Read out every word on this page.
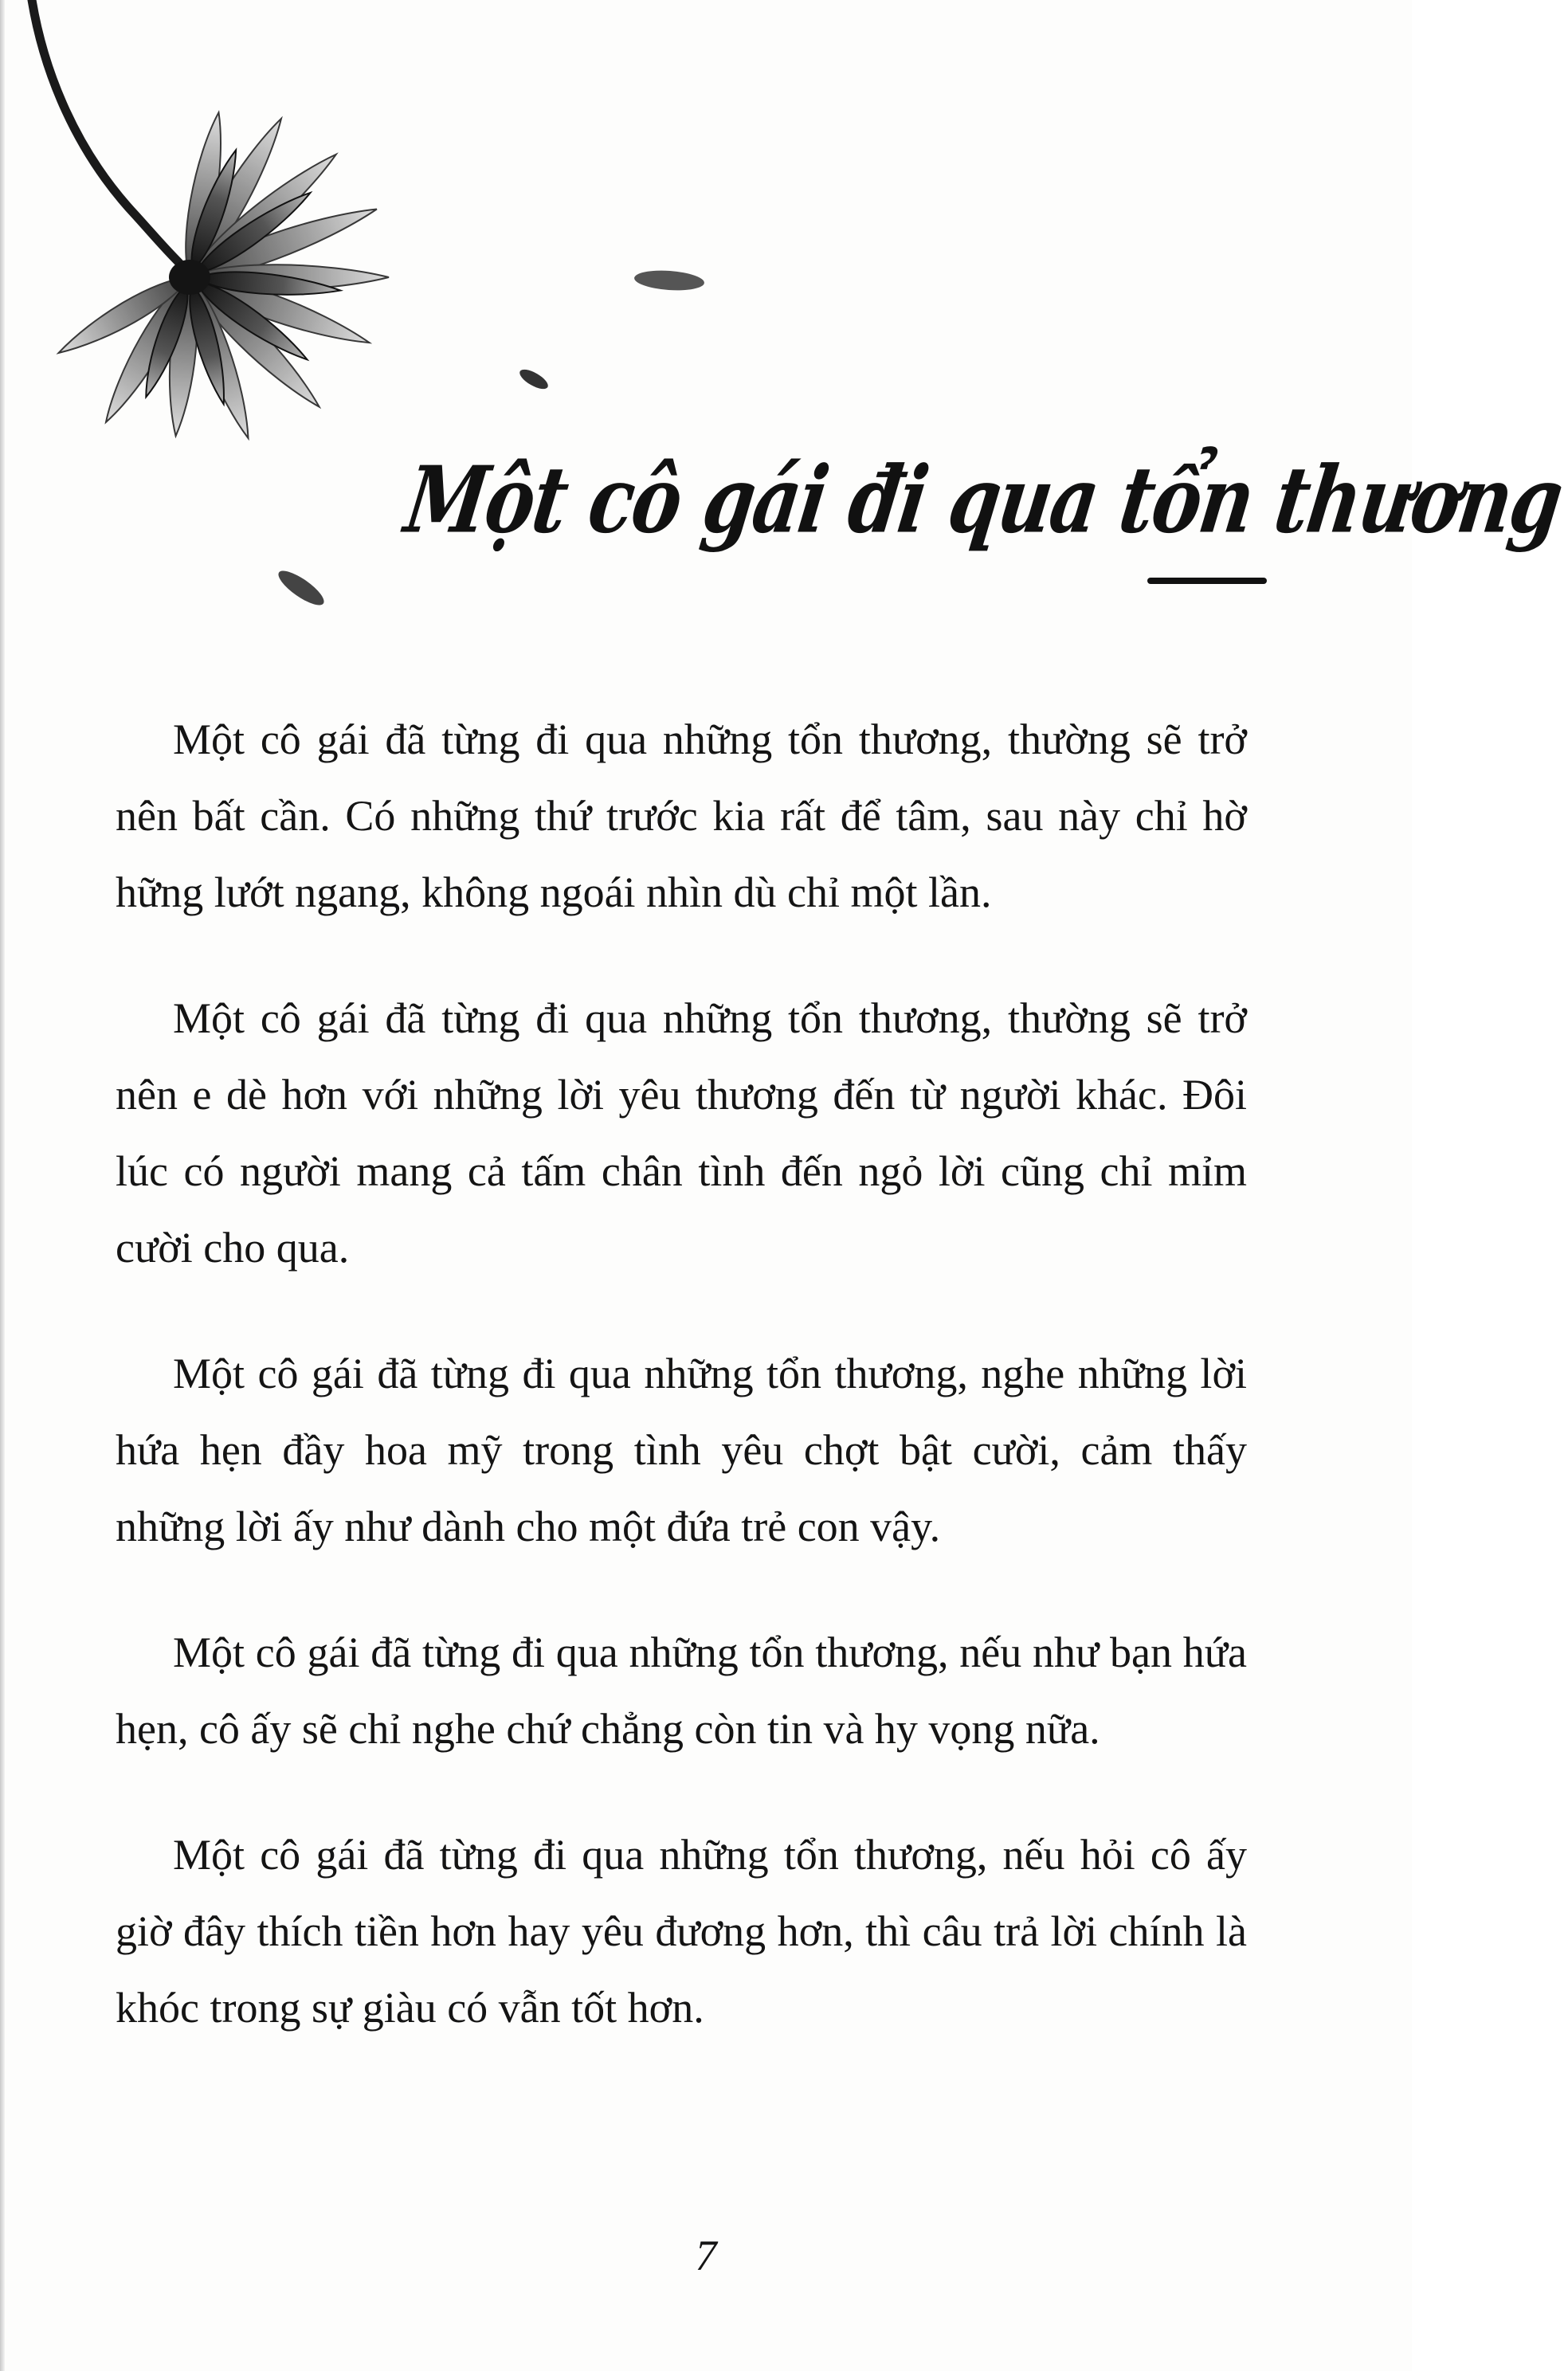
Một cô gái đi qua tổn thương

Một cô gái đã từng đi qua những tổn thương, thường sẽ trở nên bất cần. Có những thứ trước kia rất để tâm, sau này chỉ hờ hững lướt ngang, không ngoái nhìn dù chỉ một lần.

Một cô gái đã từng đi qua những tổn thương, thường sẽ trở nên e dè hơn với những lời yêu thương đến từ người khác. Đôi lúc có người mang cả tấm chân tình đến ngỏ lời cũng chỉ mỉm cười cho qua.

Một cô gái đã từng đi qua những tổn thương, nghe những lời hứa hẹn đầy hoa mỹ trong tình yêu chợt bật cười, cảm thấy những lời ấy như dành cho một đứa trẻ con vậy.

Một cô gái đã từng đi qua những tổn thương, nếu như bạn hứa hẹn, cô ấy sẽ chỉ nghe chứ chẳng còn tin và hy vọng nữa.

Một cô gái đã từng đi qua những tổn thương, nếu hỏi cô ấy giờ đây thích tiền hơn hay yêu đương hơn, thì câu trả lời chính là khóc trong sự giàu có vẫn tốt hơn.

7
